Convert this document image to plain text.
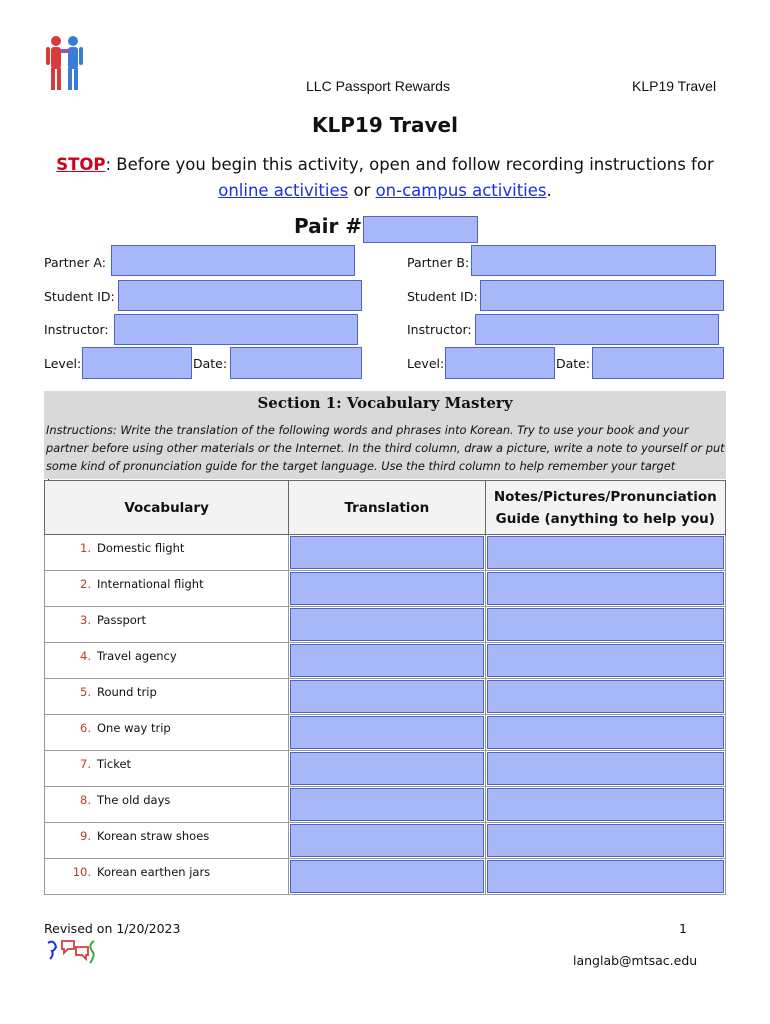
LLC Passport Rewards	KLP19 Travel
KLP19 Travel
STOP: Before you begin this activity, open and follow recording instructions for
online activities or on-campus activities.
Pair #
Partner A:
Student ID:
Instructor:
Level:	Date:
Partner B:
Student ID:
Instructor:
Level:	Date:
Section 1: Vocabulary Mastery
Instructions: Write the translation of the following words and phrases into Korean. Try to use your book and your partner before using other materials or the Internet. In the third column, draw a picture, write a note to yourself or put some kind of pronunciation guide for the target language. Use the third column to help remember your target
Vocabulary	Translation	Notes/Pictures/Pronunciation Guide (anything to help you)
1. Domestic flight	

2. International flight	

3. Passport	

4. Travel agency	

5. Round trip	

6. One way trip	

7. Ticket	

8. The old days	

9. Korean straw shoes	

10. Korean earthen jars	

Revised on 1/20/2023	1
langlab@mtsac.edu
